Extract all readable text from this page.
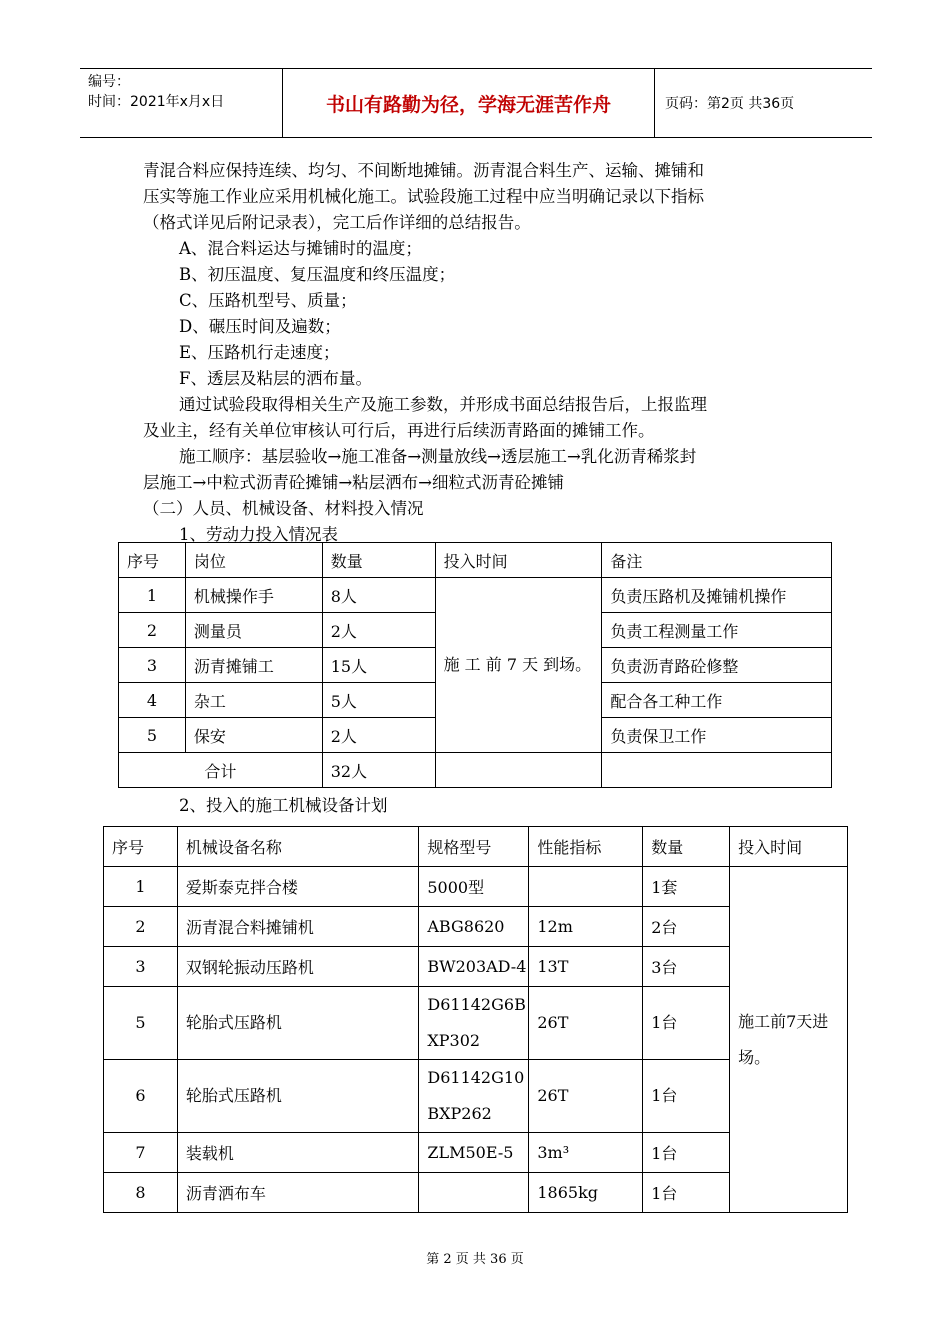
编号：
时间：2021年x月x日	书山有路勤为径，学海无涯苦作舟	页码：第2页 共36页

青混合料应保持连续、均匀、不间断地摊铺。沥青混合料生产、运输、摊铺和

压实等施工作业应采用机械化施工。试验段施工过程中应当明确记录以下指标

（格式详见后附记录表），完工后作详细的总结报告。

A、混合料运达与摊铺时的温度；

B、初压温度、复压温度和终压温度；

C、压路机型号、质量；

D、碾压时间及遍数；

E、压路机行走速度；

F、透层及粘层的洒布量。

通过试验段取得相关生产及施工参数，并形成书面总结报告后，上报监理

及业主，经有关单位审核认可行后，再进行后续沥青路面的摊铺工作。

施工顺序：基层验收→施工准备→测量放线→透层施工→乳化沥青稀浆封

层施工→中粒式沥青砼摊铺→粘层洒布→细粒式沥青砼摊铺

（二）人员、机械设备、材料投入情况

1、劳动力投入情况表

序号	岗位	数量	投入时间	备注
1	机械操作手	8人	施 工 前 7 天 到场。	负责压路机及摊铺机操作
2	测量员	2人		负责工程测量工作
3	沥青摊铺工	15人		负责沥青路砼修整
4	杂工	5人		配合各工种工作
5	保安	2人		负责保卫工作
合计		32人		
2、投入的施工机械设备计划
序号	机械设备名称	规格型号	性能指标	数量	投入时间
1	爱斯泰克拌合楼	5000型		1套	施工前7天进场。
2	沥青混合料摊铺机	ABG8620	12m	2台	
3	双钢轮振动压路机	BW203AD-4	13T	3台	
5	轮胎式压路机	D61142G6B XP302	26T	1台	
6	轮胎式压路机	D61142G10 BXP262	26T	1台	
7	装载机	ZLM50E-5	3m³	1台	
8	沥青洒布车		1865kg	1台	
第 2 页 共 36 页
